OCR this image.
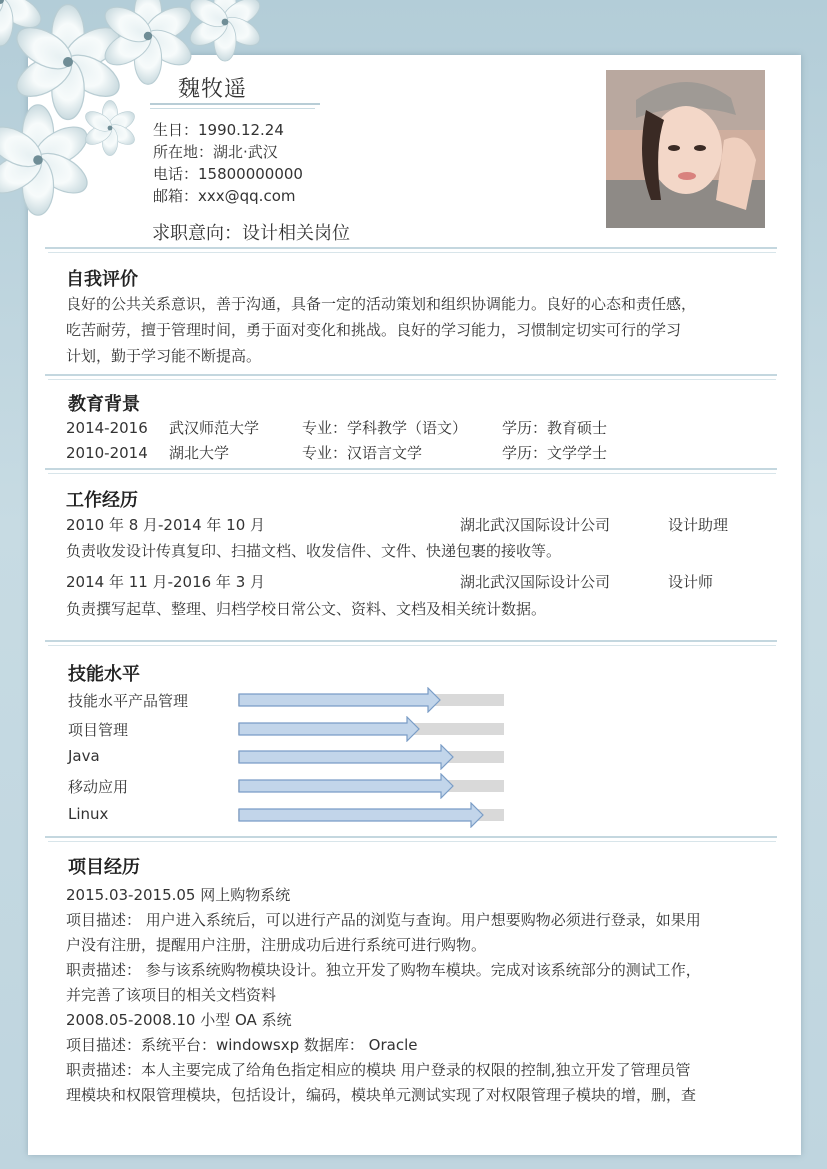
魏牧遥
生日：1990.12.24
所在地：湖北·武汉
电话：15800000000
邮箱：xxx@qq.com
求职意向：设计相关岗位
自我评价
良好的公共关系意识，善于沟通，具备一定的活动策划和组织协调能力。良好的心态和责任感，
吃苦耐劳，擅于管理时间，勇于面对变化和挑战。良好的学习能力，习惯制定切实可行的学习
计划，勤于学习能不断提高。
教育背景
2014-2016 武汉师范大学	专业：学科教学（语文） 学历：教育硕士
2010-2014 湖北大学	专业：汉语言文学	学历：文学学士
工作经历
2010 年 8 月-2014 年 10 月	湖北武汉国际设计公司	设计助理
负责收发设计传真复印、扫描文档、收发信件、文件、快递包裹的接收等。
2014 年 11 月-2016 年 3 月	湖北武汉国际设计公司	设计师
负责撰写起草、整理、归档学校日常公文、资料、文档及相关统计数据。
技能水平
技能水平产品管理
项目管理
Java
移动应用
Linux
项目经历
2015.03-2015.05 网上购物系统
项目描述： 用户进入系统后，可以进行产品的浏览与查询。用户想要购物必须进行登录，如果用
户没有注册，提醒用户注册，注册成功后进行系统可进行购物。
职责描述： 参与该系统购物模块设计。独立开发了购物车模块。完成对该系统部分的测试工作，
并完善了该项目的相关文档资料
2008.05-2008.10 小型 OA 系统
项目描述：系统平台：windowsxp 数据库： Oracle
职责描述：本人主要完成了给角色指定相应的模块 用户登录的权限的控制,独立开发了管理员管
理模块和权限管理模块，包括设计，编码，模块单元测试实现了对权限管理子模块的增，删，查
